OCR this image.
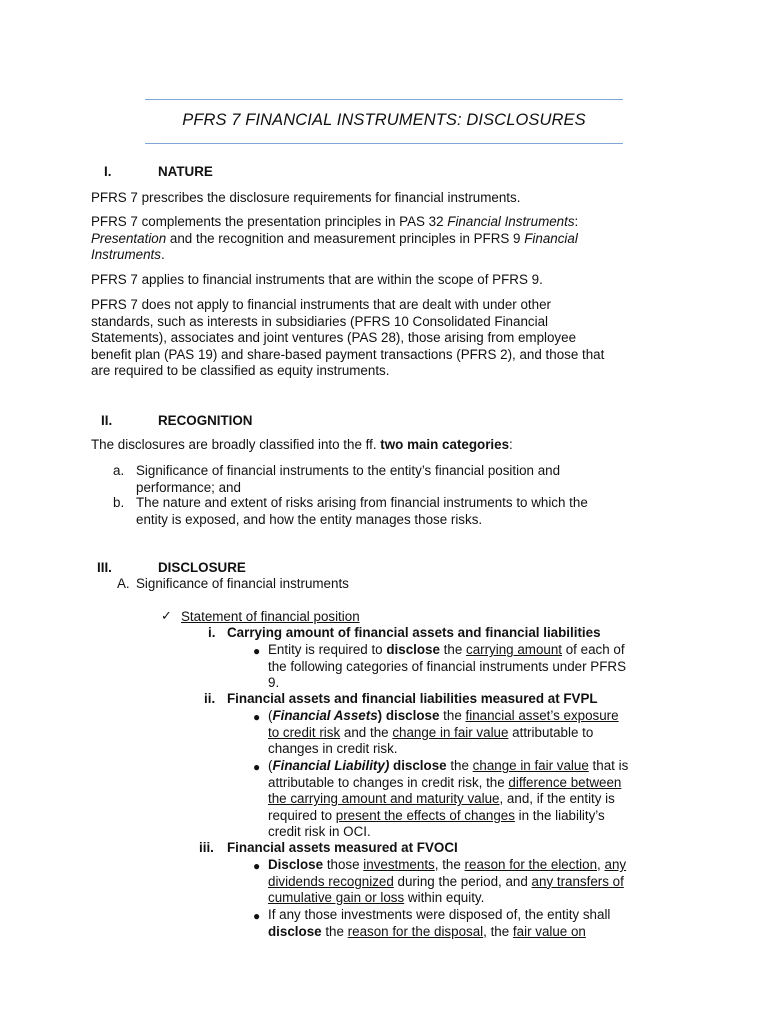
PFRS 7 FINANCIAL INSTRUMENTS: DISCLOSURES
I.	NATURE
PFRS 7 prescribes the disclosure requirements for financial instruments.
PFRS 7 complements the presentation principles in PAS 32 Financial Instruments:
Presentation and the recognition and measurement principles in PFRS 9 Financial
Instruments.
PFRS 7 applies to financial instruments that are within the scope of PFRS 9.
PFRS 7 does not apply to financial instruments that are dealt with under other
standards, such as interests in subsidiaries (PFRS 10 Consolidated Financial
Statements), associates and joint ventures (PAS 28), those arising from employee
benefit plan (PAS 19) and share-based payment transactions (PFRS 2), and those that
are required to be classified as equity instruments.
II.	RECOGNITION
The disclosures are broadly classified into the ff. two main categories:
a. Significance of financial instruments to the entity’s financial position and
performance; and
b. The nature and extent of risks arising from financial instruments to which the
entity is exposed, and how the entity manages those risks.
III.	DISCLOSURE
A. Significance of financial instruments
✓ Statement of financial position
i. Carrying amount of financial assets and financial liabilities
● Entity is required to disclose the carrying amount of each of
the following categories of financial instruments under PFRS
9.
ii. Financial assets and financial liabilities measured at FVPL
● (Financial Assets) disclose the financial asset’s exposure
to credit risk and the change in fair value attributable to
changes in credit risk.
● (Financial Liability) disclose the change in fair value that is
attributable to changes in credit risk, the difference between
the carrying amount and maturity value, and, if the entity is
required to present the effects of changes in the liability’s
credit risk in OCI.
iii. Financial assets measured at FVOCI
● Disclose those investments, the reason for the election, any
dividends recognized during the period, and any transfers of
cumulative gain or loss within equity.
● If any those investments were disposed of, the entity shall
disclose the reason for the disposal, the fair value on
